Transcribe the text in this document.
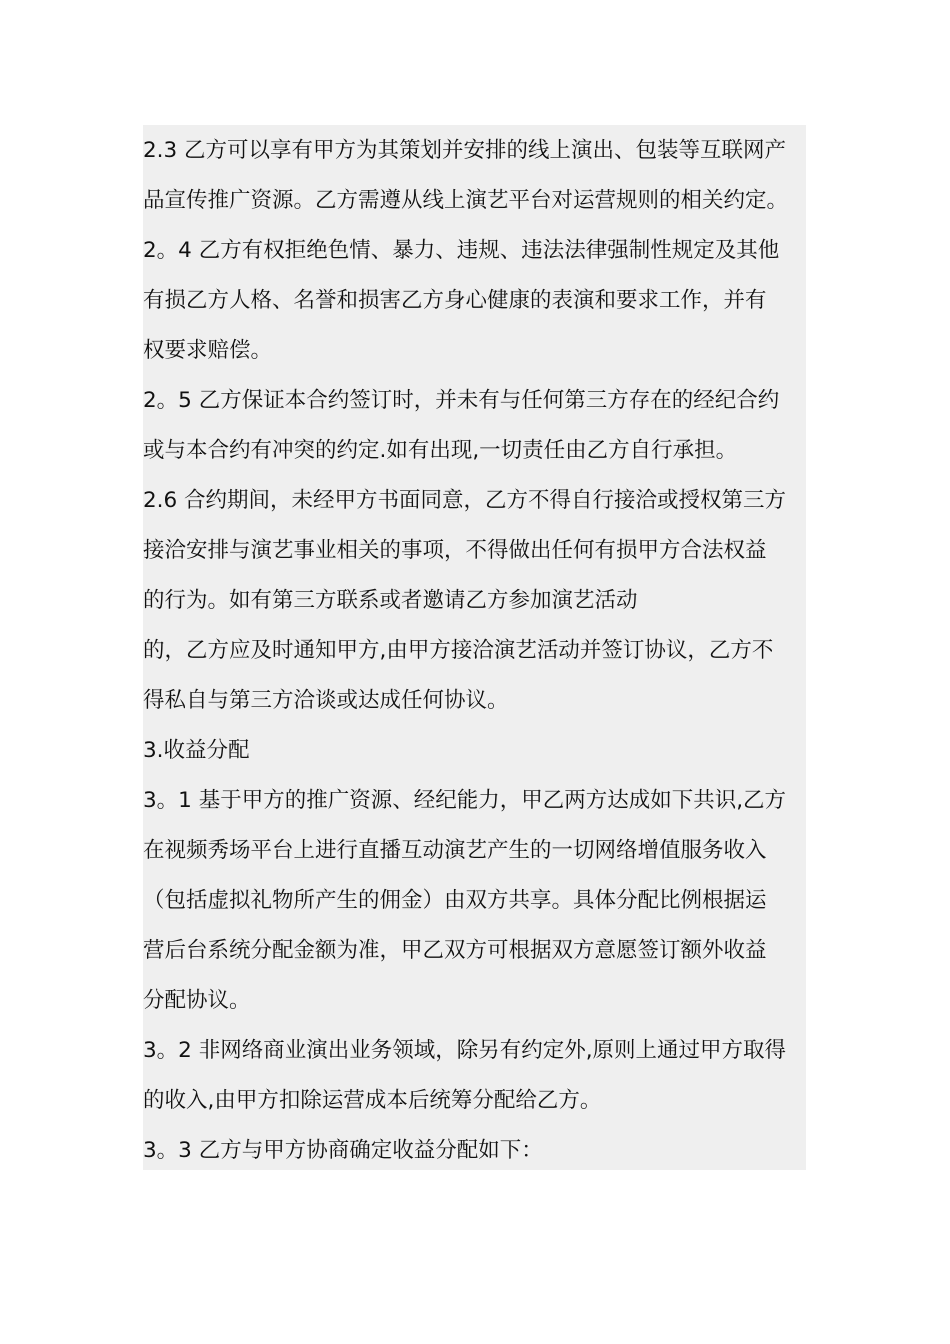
2.3 乙方可以享有甲方为其策划并安排的线上演出、包装等互联网产
品宣传推广资源。乙方需遵从线上演艺平台对运营规则的相关约定。
2。4 乙方有权拒绝色情、暴力、违规、违法法律强制性规定及其他
有损乙方人格、名誉和损害乙方身心健康的表演和要求工作，并有
权要求赔偿。
2。5 乙方保证本合约签订时，并未有与任何第三方存在的经纪合约
或与本合约有冲突的约定.如有出现,一切责任由乙方自行承担。
2.6 合约期间，未经甲方书面同意，乙方不得自行接洽或授权第三方
接洽安排与演艺事业相关的事项，不得做出任何有损甲方合法权益
的行为。如有第三方联系或者邀请乙方参加演艺活动
的，乙方应及时通知甲方,由甲方接洽演艺活动并签订协议，乙方不
得私自与第三方洽谈或达成任何协议。
3.收益分配
3。1 基于甲方的推广资源、经纪能力，甲乙两方达成如下共识,乙方
在视频秀场平台上进行直播互动演艺产生的一切网络增值服务收入
（包括虚拟礼物所产生的佣金）由双方共享。具体分配比例根据运
营后台系统分配金额为准，甲乙双方可根据双方意愿签订额外收益
分配协议。
3。2 非网络商业演出业务领域，除另有约定外,原则上通过甲方取得
的收入,由甲方扣除运营成本后统筹分配给乙方。
3。3 乙方与甲方协商确定收益分配如下：
